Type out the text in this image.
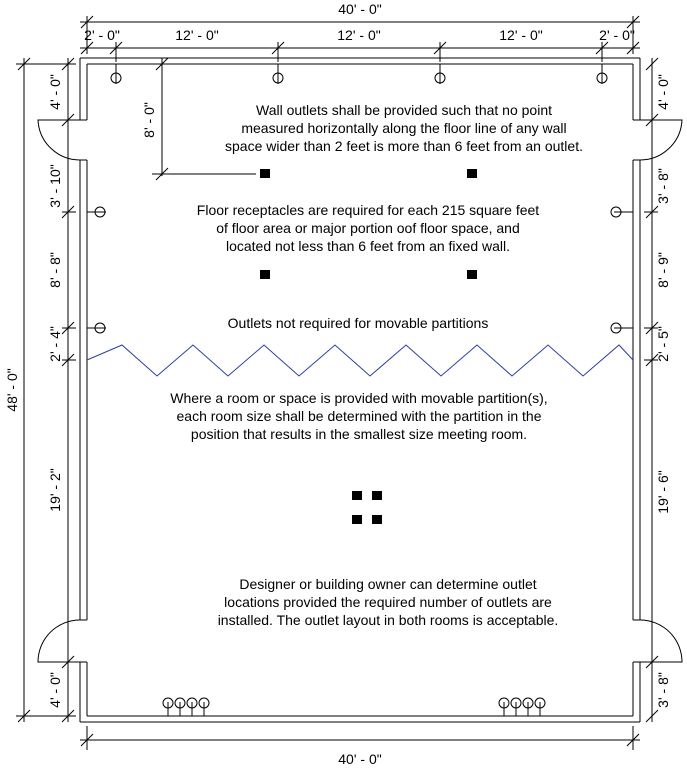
40' - 0"
2' - 0"	12' - 0"	12' - 0"	12' - 0"	2' - 0"
40' - 0"
48' - 0"
4' - 0"
3' - 10"
8' - 8"
2' - 4"
19' - 2"
4' - 0"
4' - 0"
3' - 8"
8' - 9"
2' - 5"
19' - 6"
3' - 8"
8' - 0"	Wall outlets shall be provided such that no point
measured horizontally along the floor line of any wall
space wider than 2 feet is more than 6 feet from an outlet.
Floor receptacles are required for each 215 square feet
of floor area or major portion oof floor space, and
located not less than 6 feet from an fixed wall.
Outlets not required for movable partitions
Where a room or space is provided with movable partition(s),
each room size shall be determined with the partition in the
position that results in the smallest size meeting room.
Designer or building owner can determine outlet
locations provided the required number of outlets are
installed. The outlet layout in both rooms is acceptable.
